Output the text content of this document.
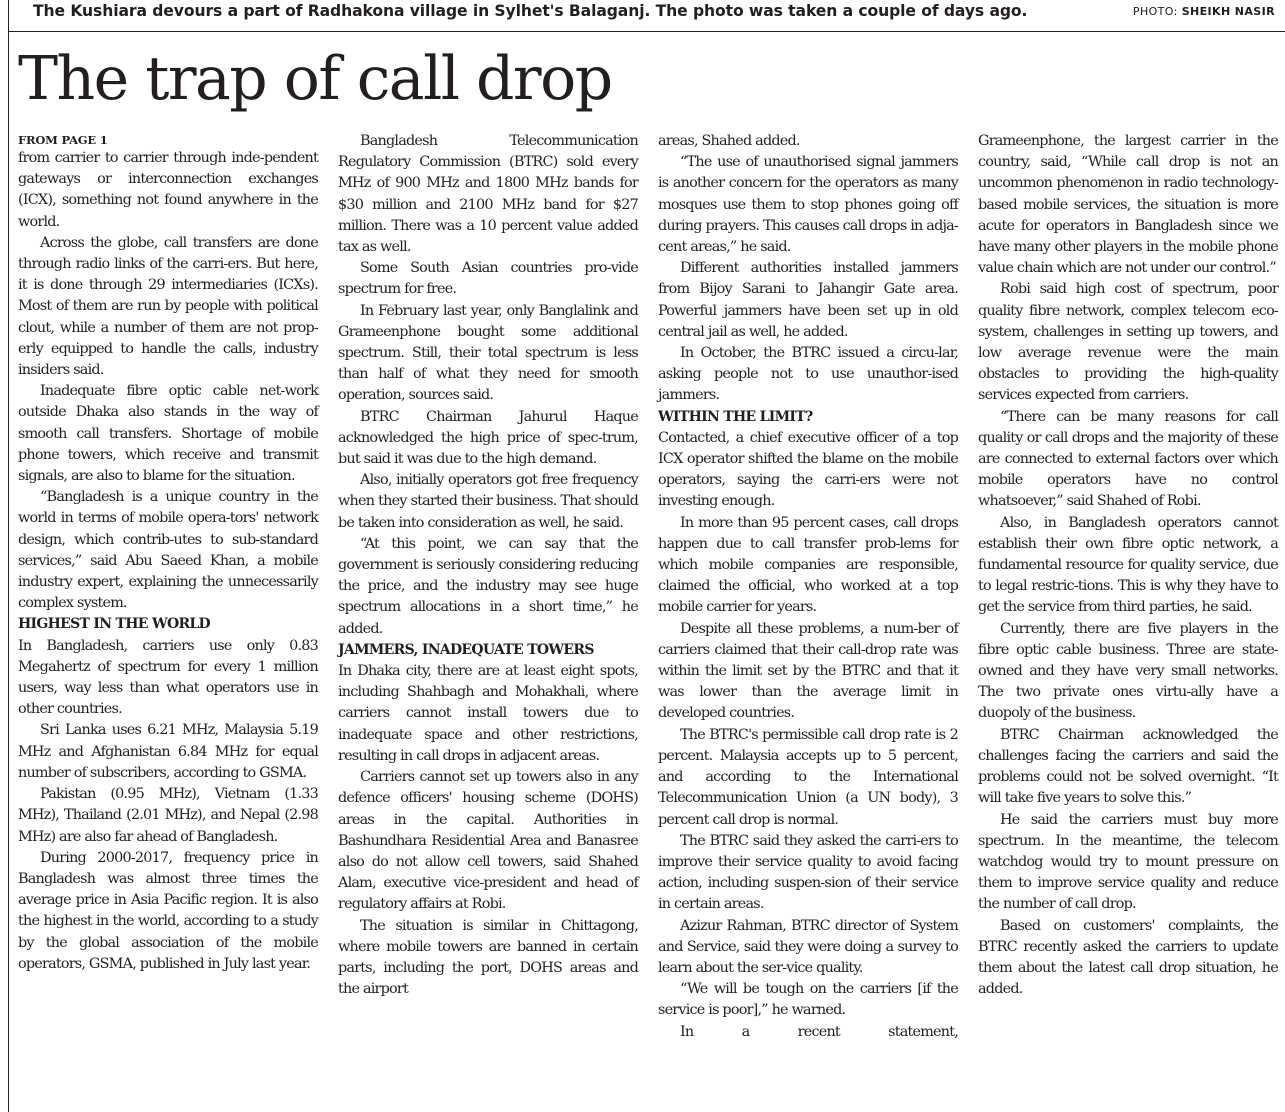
The Kushiara devours a part of Radhakona village in Sylhet's Balaganj. The photo was taken a couple of days ago.	PHOTO: SHEIKH NASIR
The trap of call drop

FROM PAGE 1

from carrier to carrier through inde-pendent gateways or interconnection exchanges (ICX), something not found anywhere in the world.

Across the globe, call transfers are done through radio links of the carri-ers. But here, it is done through 29 intermediaries (ICXs). Most of them are run by people with political clout, while a number of them are not prop-erly equipped to handle the calls, industry insiders said.

Inadequate fibre optic cable net-work outside Dhaka also stands in the way of smooth call transfers. Shortage of mobile phone towers, which receive and transmit signals, are also to blame for the situation.

“Bangladesh is a unique country in the world in terms of mobile opera-tors' network design, which contrib-utes to sub-standard services,” said Abu Saeed Khan, a mobile industry expert, explaining the unnecessarily complex system.

HIGHEST IN THE WORLD

In Bangladesh, carriers use only 0.83 Megahertz of spectrum for every 1 million users, way less than what operators use in other countries.

Sri Lanka uses 6.21 MHz, Malaysia 5.19 MHz and Afghanistan 6.84 MHz for equal number of subscribers, according to GSMA.

Pakistan (0.95 MHz), Vietnam (1.33 MHz), Thailand (2.01 MHz), and Nepal (2.98 MHz) are also far ahead of Bangladesh.

During 2000-2017, frequency price in Bangladesh was almost three times the average price in Asia Pacific region. It is also the highest in the world, according to a study by the global association of the mobile operators, GSMA, published in July last year.

Bangladesh Telecommunication Regulatory Commission (BTRC) sold every MHz of 900 MHz and 1800 MHz bands for $30 million and 2100 MHz band for $27 million. There was a 10 percent value added tax as well.

Some South Asian countries pro-vide spectrum for free.

In February last year, only Banglalink and Grameenphone bought some additional spectrum. Still, their total spectrum is less than half of what they need for smooth operation, sources said.

BTRC Chairman Jahurul Haque acknowledged the high price of spec-trum, but said it was due to the high demand.

Also, initially operators got free frequency when they started their business. That should be taken into consideration as well, he said.

“At this point, we can say that the government is seriously considering reducing the price, and the industry may see huge spectrum allocations in a short time,” he added.

JAMMERS, INADEQUATE TOWERS

In Dhaka city, there are at least eight spots, including Shahbagh and Mohakhali, where carriers cannot install towers due to inadequate space and other restrictions, resulting in call drops in adjacent areas.

Carriers cannot set up towers also in any defence officers' housing scheme (DOHS) areas in the capital. Authorities in Bashundhara Residential Area and Banasree also do not allow cell towers, said Shahed Alam, executive vice-president and head of regulatory affairs at Robi.

The situation is similar in Chittagong, where mobile towers are banned in certain parts, including the port, DOHS areas and the airport

areas, Shahed added.

“The use of unauthorised signal jammers is another concern for the operators as many mosques use them to stop phones going off during prayers. This causes call drops in adja-cent areas,” he said.

Different authorities installed jammers from Bijoy Sarani to Jahangir Gate area. Powerful jammers have been set up in old central jail as well, he added.

In October, the BTRC issued a circu-lar, asking people not to use unauthor-ised jammers.

WITHIN THE LIMIT?

Contacted, a chief executive officer of a top ICX operator shifted the blame on the mobile operators, saying the carri-ers were not investing enough.

In more than 95 percent cases, call drops happen due to call transfer prob-lems for which mobile companies are responsible, claimed the official, who worked at a top mobile carrier for years.

Despite all these problems, a num-ber of carriers claimed that their call-drop rate was within the limit set by the BTRC and that it was lower than the average limit in developed countries.

The BTRC's permissible call drop rate is 2 percent. Malaysia accepts up to 5 percent, and according to the International Telecommunication Union (a UN body), 3 percent call drop is normal.

The BTRC said they asked the carri-ers to improve their service quality to avoid facing action, including suspen-sion of their service in certain areas.

Azizur Rahman, BTRC director of System and Service, said they were doing a survey to learn about the ser-vice quality.

“We will be tough on the carriers [if the service is poor],” he warned.

In a recent statement,

Grameenphone, the largest carrier in the country, said, “While call drop is not an uncommon phenomenon in radio technology-based mobile services, the situation is more acute for operators in Bangladesh since we have many other players in the mobile phone value chain which are not under our control.”

Robi said high cost of spectrum, poor quality fibre network, complex telecom eco-system, challenges in setting up towers, and low average revenue were the main obstacles to providing the high-quality services expected from carriers.

“There can be many reasons for call quality or call drops and the majority of these are connected to external factors over which mobile operators have no control whatsoever,” said Shahed of Robi.

Also, in Bangladesh operators cannot establish their own fibre optic network, a fundamental resource for quality service, due to legal restric-tions. This is why they have to get the service from third parties, he said.

Currently, there are five players in the fibre optic cable business. Three are state-owned and they have very small networks. The two private ones virtu-ally have a duopoly of the business.

BTRC Chairman acknowledged the challenges facing the carriers and said the problems could not be solved overnight. “It will take five years to solve this.”

He said the carriers must buy more spectrum. In the meantime, the telecom watchdog would try to mount pressure on them to improve service quality and reduce the number of call drop.

Based on customers' complaints, the BTRC recently asked the carriers to update them about the latest call drop situation, he added.
